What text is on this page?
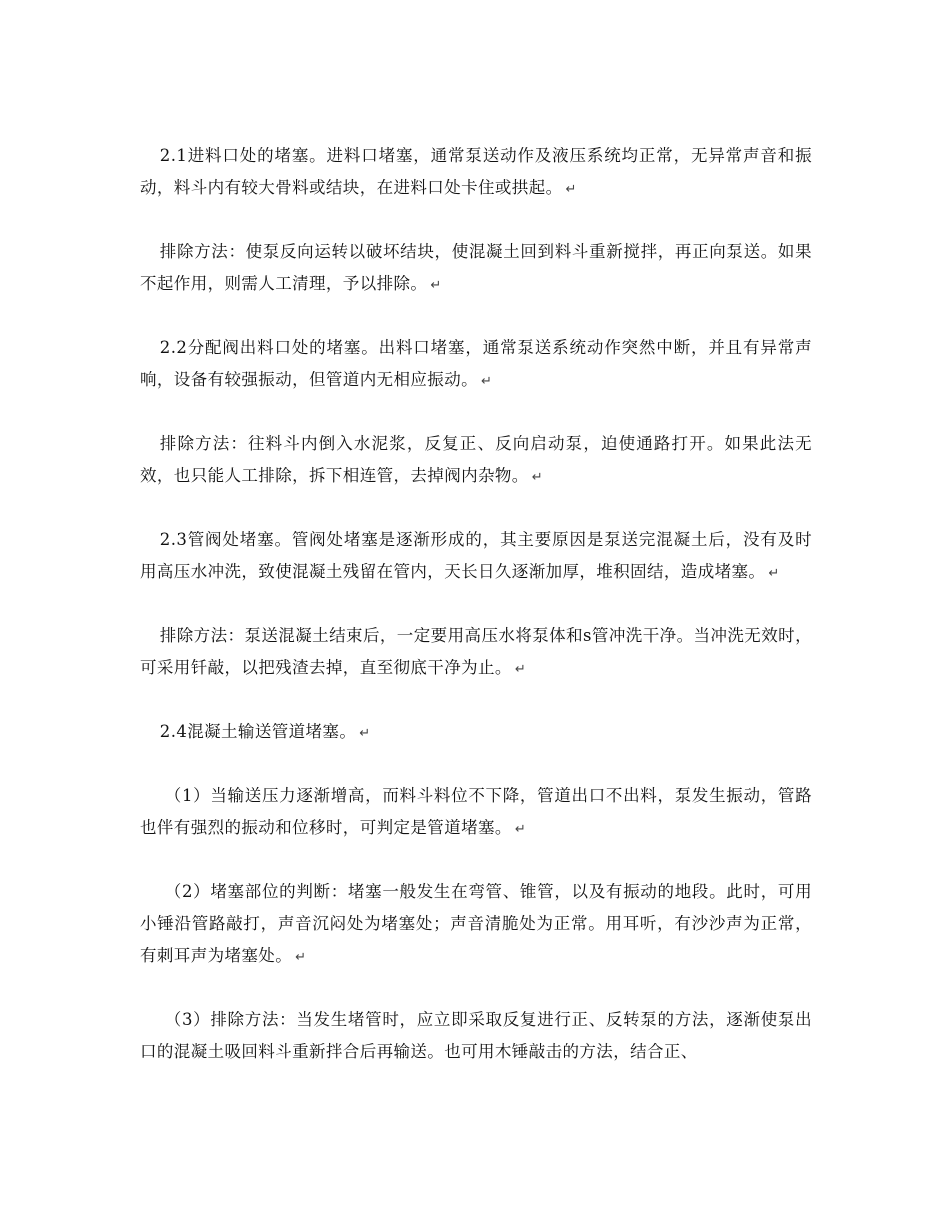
2.1进料口处的堵塞。进料口堵塞，通常泵送动作及液压系统均正常，无异常声音和振动，料斗内有较大骨料或结块，在进料口处卡住或拱起。 ↵

排除方法：使泵反向运转以破坏结块，使混凝土回到料斗重新搅拌，再正向泵送。如果不起作用，则需人工清理，予以排除。 ↵

2.2分配阀出料口处的堵塞。出料口堵塞，通常泵送系统动作突然中断，并且有异常声响，设备有较强振动，但管道内无相应振动。 ↵

排除方法：往料斗内倒入水泥浆，反复正、反向启动泵，迫使通路打开。如果此法无效，也只能人工排除，拆下相连管，去掉阀内杂物。 ↵

2.3管阀处堵塞。管阀处堵塞是逐渐形成的，其主要原因是泵送完混凝土后，没有及时用高压水冲洗，致使混凝土残留在管内，天长日久逐渐加厚，堆积固结，造成堵塞。 ↵

排除方法：泵送混凝土结束后，一定要用高压水将泵体和s管冲洗干净。当冲洗无效时，可采用钎敲，以把残渣去掉，直至彻底干净为止。 ↵

2.4混凝土输送管道堵塞。 ↵

（1）当输送压力逐渐增高，而料斗料位不下降，管道出口不出料，泵发生振动，管路也伴有强烈的振动和位移时，可判定是管道堵塞。 ↵

（2）堵塞部位的判断：堵塞一般发生在弯管、锥管，以及有振动的地段。此时，可用小锤沿管路敲打，声音沉闷处为堵塞处；声音清脆处为正常。用耳听，有沙沙声为正常，有刺耳声为堵塞处。 ↵

（3）排除方法：当发生堵管时，应立即采取反复进行正、反转泵的方法，逐渐使泵出口的混凝土吸回料斗重新拌合后再输送。也可用木锤敲击的方法，结合正、
